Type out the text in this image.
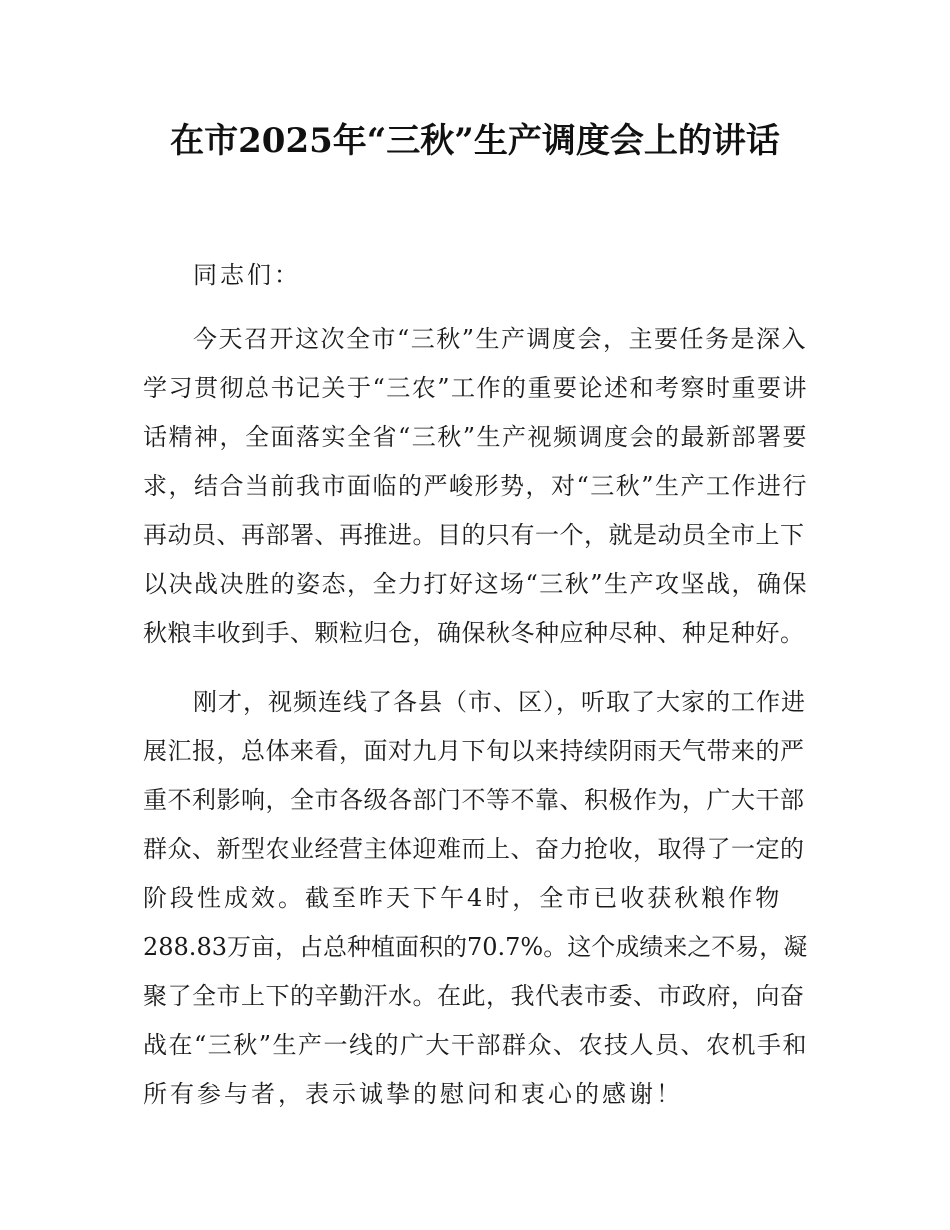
在市2025年“三秋”生产调度会上的讲话
同志们：
今天召开这次全市“三秋”生产调度会，主要任务是深入
学习贯彻总书记关于“三农”工作的重要论述和考察时重要讲
话精神，全面落实全省“三秋”生产视频调度会的最新部署要
求，结合当前我市面临的严峻形势，对“三秋”生产工作进行
再动员、再部署、再推进。目的只有一个，就是动员全市上下
以决战决胜的姿态，全力打好这场“三秋”生产攻坚战，确保
秋粮丰收到手、颗粒归仓，确保秋冬种应种尽种、种足种好。
刚才，视频连线了各县（市、区），听取了大家的工作进
展汇报，总体来看，面对九月下旬以来持续阴雨天气带来的严
重不利影响，全市各级各部门不等不靠、积极作为，广大干部
群众、新型农业经营主体迎难而上、奋力抢收，取得了一定的
阶段性成效。截至昨天下午4时，全市已收获秋粮作物
288.83万亩，占总种植面积的70.7%。这个成绩来之不易，凝
聚了全市上下的辛勤汗水。在此，我代表市委、市政府，向奋
战在“三秋”生产一线的广大干部群众、农技人员、农机手和
所有参与者，表示诚挚的慰问和衷心的感谢！
